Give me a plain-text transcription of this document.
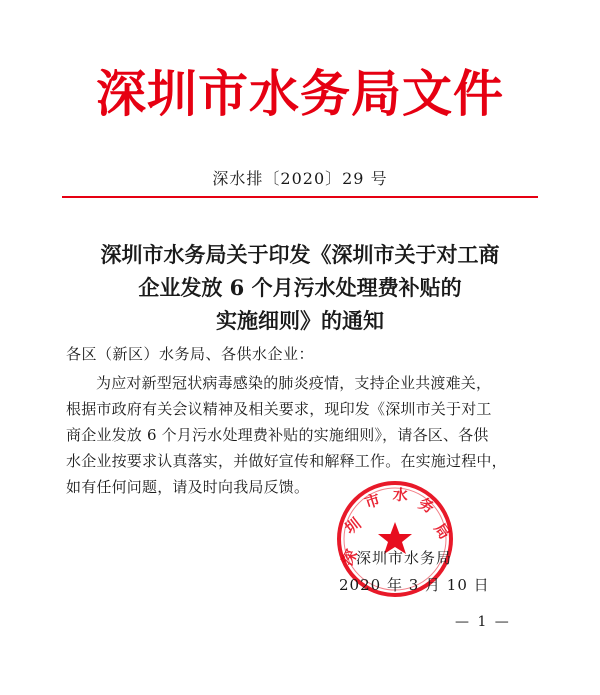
深圳市水务局文件
深水排〔2020〕29 号
深圳市水务局关于印发《深圳市关于对工商
企业发放 6 个月污水处理费补贴的
实施细则》的通知
各区（新区）水务局、各供水企业：
为应对新型冠状病毒感染的肺炎疫情，支持企业共渡难关，
根据市政府有关会议精神及相关要求，现印发《深圳市关于对工
商企业发放 6 个月污水处理费补贴的实施细则》，请各区、各供
水企业按要求认真落实，并做好宣传和解释工作。在实施过程中，
如有任何问题，请及时向我局反馈。
深
圳
市 水 务
局
深圳市水务局
2020 年 3 月 10 日
— 1 —
